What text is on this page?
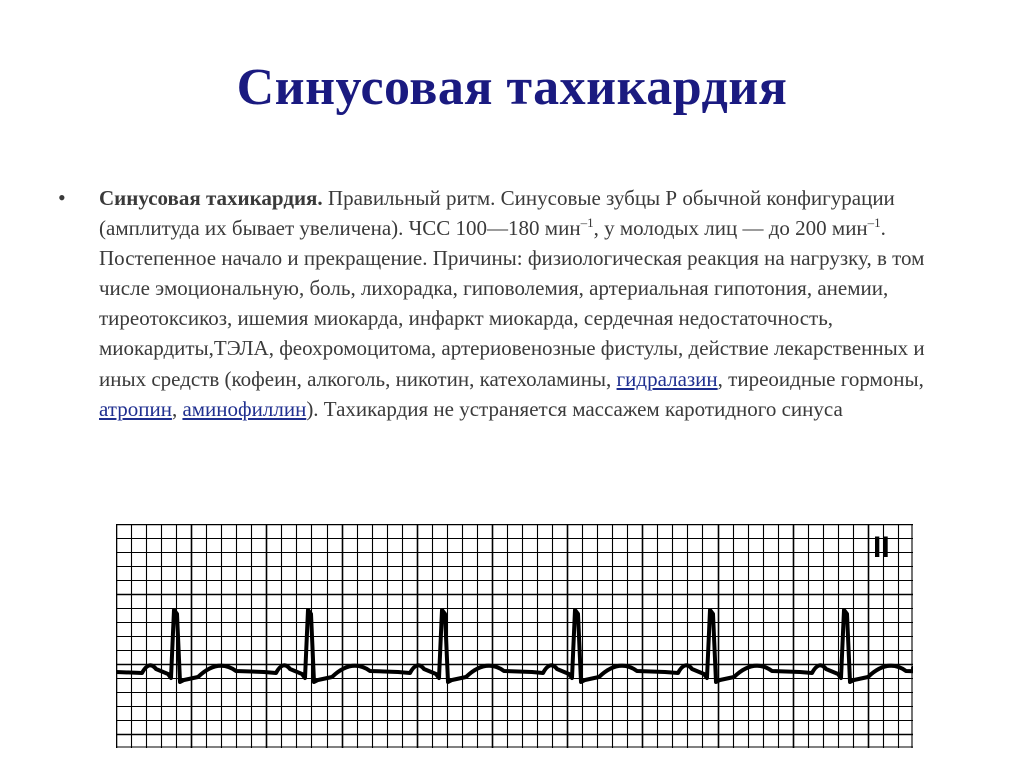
Синусовая тахикардия
• Синусовая тахикардия. Правильный ритм. Синусовые зубцы Р обычной конфигурации (амплитуда их бывает увеличена). ЧСС 100—180 мин$^{-1}$, у молодых лиц — до 200 мин$^{-1}$. Постепенное начало и прекращение. Причины: физиологическая реакция на нагрузку, в том числе эмоциональную, боль, лихорадка, гиповолемия, артериальная гипотония, анемии, тиреотоксикоз, ишемия миокарда, инфаркт миокарда, сердечная недостаточность, миокардиты,ТЭЛА, феохромоцитома, артериовенозные фистулы, действие лекарственных и иных средств (кофеин, алкоголь, никотин, катехоламины, гидралазин, тиреоидные гормоны, атропин, аминофиллин). Тахикардия не устраняется массажем каротидного синуса
II
